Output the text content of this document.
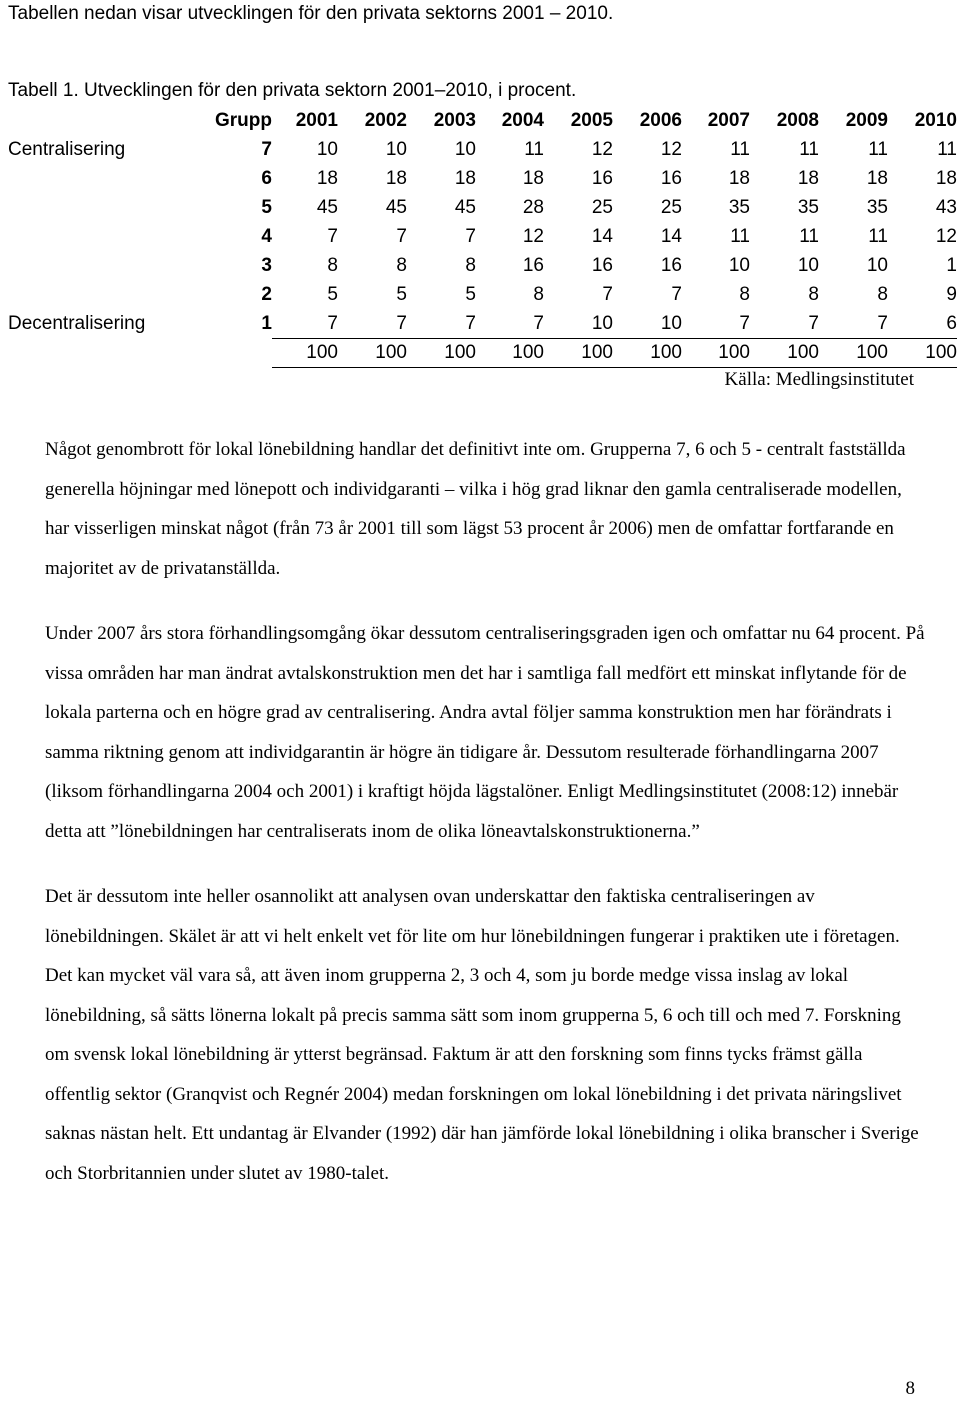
Tabellen nedan visar utvecklingen för den privata sektorns 2001 – 2010.
Tabell 1. Utvecklingen för den privata sektorn 2001–2010, i procent.
	Grupp	2001	2002	2003	2004	2005	2006	2007	2008	2009	2010
Centralisering	7	10	10	10	11	12	12	11	11	11	11
	6	18	18	18	18	16	16	18	18	18	18
	5	45	45	45	28	25	25	35	35	35	43
	4	7	7	7	12	14	14	11	11	11	12
	3	8	8	8	16	16	16	10	10	10	1
	2	5	5	5	8	7	7	8	8	8	9
Decentralisering	1	7	7	7	7	10	10	7	7	7	6
		100	100	100	100	100	100	100	100	100	100
Källa: Medlingsinstitutet

Något genombrott för lokal lönebildning handlar det definitivt inte om. Grupperna 7, 6 och 5 - centralt fastställda generella höjningar med lönepott och individgaranti – vilka i hög grad liknar den gamla centraliserade modellen, har visserligen minskat något (från 73 år 2001 till som lägst 53 procent år 2006) men de omfattar fortfarande en majoritet av de privatanställda.

Under 2007 års stora förhandlingsomgång ökar dessutom centraliseringsgraden igen och omfattar nu 64 procent. På vissa områden har man ändrat avtalskonstruktion men det har i samtliga fall medfört ett minskat inflytande för de lokala parterna och en högre grad av centralisering. Andra avtal följer samma konstruktion men har förändrats i samma riktning genom att individgarantin är högre än tidigare år. Dessutom resulterade förhandlingarna 2007 (liksom förhandlingarna 2004 och 2001) i kraftigt höjda lägstalöner. Enligt Medlingsinstitutet (2008:12) innebär detta att ”lönebildningen har centraliserats inom de olika löneavtalskonstruktionerna.”

Det är dessutom inte heller osannolikt att analysen ovan underskattar den faktiska centraliseringen av lönebildningen. Skälet är att vi helt enkelt vet för lite om hur lönebildningen fungerar i praktiken ute i företagen. Det kan mycket väl vara så, att även inom grupperna 2, 3 och 4, som ju borde medge vissa inslag av lokal lönebildning, så sätts lönerna lokalt på precis samma sätt som inom grupperna 5, 6 och till och med 7. Forskning om svensk lokal lönebildning är ytterst begränsad. Faktum är att den forskning som finns tycks främst gälla offentlig sektor (Granqvist och Regnér 2004) medan forskningen om lokal lönebildning i det privata näringslivet saknas nästan helt. Ett undantag är Elvander (1992) där han jämförde lokal lönebildning i olika branscher i Sverige och Storbritannien under slutet av 1980-talet.

8
